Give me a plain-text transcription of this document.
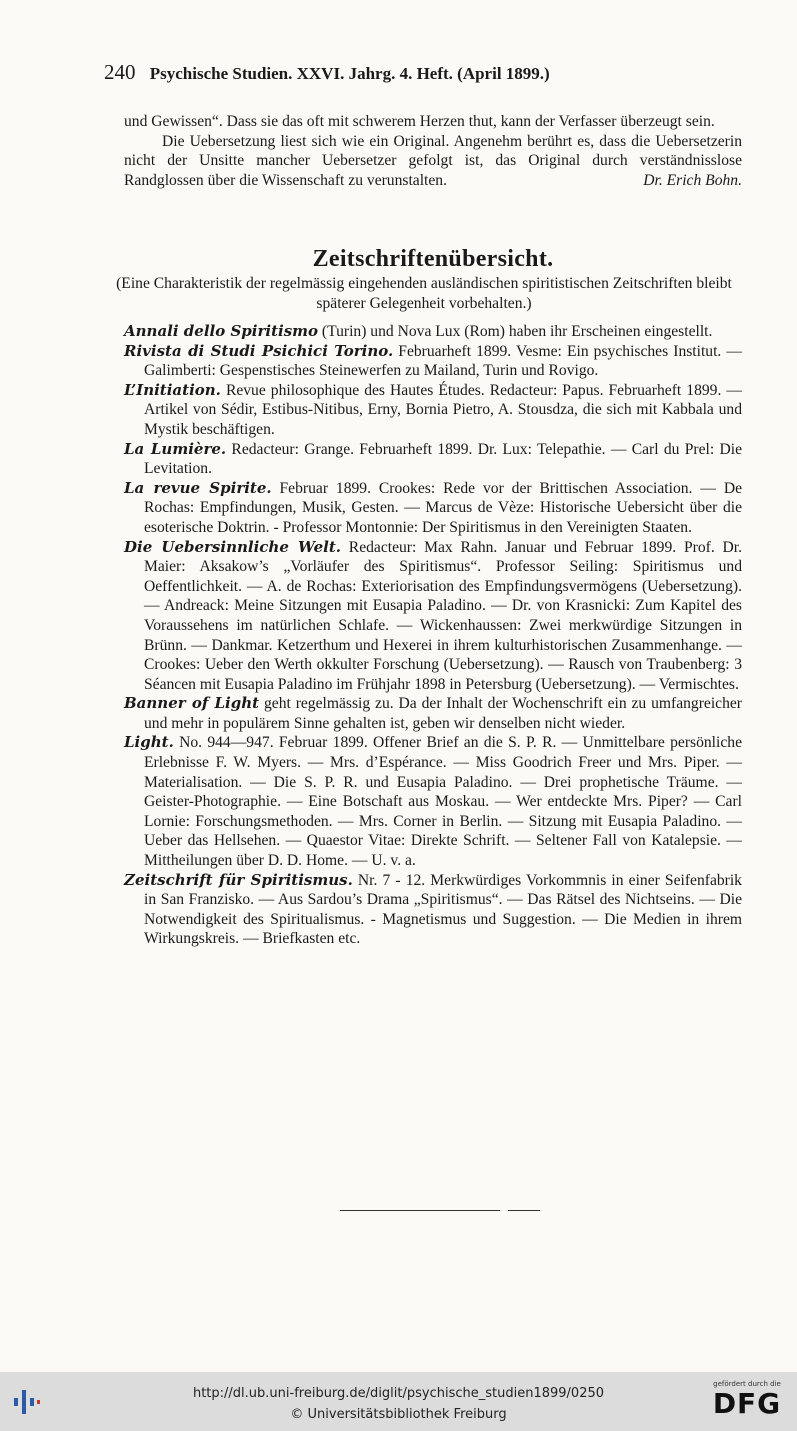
240 Psychische Studien. XXVI. Jahrg. 4. Heft. (April 1899.)

und Gewissen“. Dass sie das oft mit schwerem Herzen thut, kann der Verfasser überzeugt sein.

Die Uebersetzung liest sich wie ein Original. Angenehm berührt es, dass die Uebersetzerin nicht der Unsitte mancher Uebersetzer gefolgt ist, das Original durch verständnisslose Randglossen über die Wissenschaft zu verunstalten.	Dr. Erich Bohn.

Zeitschriftenübersicht.
(Eine Charakteristik der regelmässig eingehenden ausländischen spiritistischen Zeitschriften bleibt späterer Gelegenheit vorbehalten.)

Annali dello Spiritismo (Turin) und Nova Lux (Rom) haben ihr Erscheinen eingestellt.

Rivista di Studi Psichici Torino. Februarheft 1899. Vesme: Ein psychisches Institut. — Galimberti: Gespenstisches Steinewerfen zu Mailand, Turin und Rovigo.

L’Initiation. Revue philosophique des Hautes Études. Redacteur: Papus. Februarheft 1899. — Artikel von Sédir, Estibus-Nitibus, Erny, Bornia Pietro, A. Stousdza, die sich mit Kabbala und Mystik beschäftigen.

La Lumière. Redacteur: Grange. Februarheft 1899. Dr. Lux: Telepathie. — Carl du Prel: Die Levitation.

La revue Spirite. Februar 1899. Crookes: Rede vor der Brittischen Association. — De Rochas: Empfindungen, Musik, Gesten. — Marcus de Vèze: Historische Uebersicht über die esoterische Doktrin. - Professor Montonnie: Der Spiritismus in den Vereinigten Staaten.

Die Uebersinnliche Welt. Redacteur: Max Rahn. Januar und Februar 1899. Prof. Dr. Maier: Aksakow’s „Vorläufer des Spiritismus“. Professor Seiling: Spiritismus und Oeffentlichkeit. — A. de Rochas: Exteriorisation des Empfindungsvermögens (Uebersetzung). — Andreack: Meine Sitzungen mit Eusapia Paladino. — Dr. von Krasnicki: Zum Kapitel des Voraussehens im natürlichen Schlafe. — Wickenhaussen: Zwei merkwürdige Sitzungen in Brünn. — Dankmar. Ketzerthum und Hexerei in ihrem kulturhistorischen Zusammenhange. — Crookes: Ueber den Werth okkulter Forschung (Uebersetzung). — Rausch von Traubenberg: 3 Séancen mit Eusapia Paladino im Frühjahr 1898 in Petersburg (Uebersetzung). — Vermischtes.

Banner of Light geht regelmässig zu. Da der Inhalt der Wochenschrift ein zu umfangreicher und mehr in populärem Sinne gehalten ist, geben wir denselben nicht wieder.

Light. No. 944—947. Februar 1899. Offener Brief an die S. P. R. — Unmittelbare persönliche Erlebnisse F. W. Myers. — Mrs. d’Espérance. — Miss Goodrich Freer und Mrs. Piper. — Materialisation. — Die S. P. R. und Eusapia Paladino. — Drei prophetische Träume. — Geister-Photographie. — Eine Botschaft aus Moskau. — Wer entdeckte Mrs. Piper? — Carl Lornie: Forschungsmethoden. — Mrs. Corner in Berlin. — Sitzung mit Eusapia Paladino. — Ueber das Hellsehen. — Quaestor Vitae: Direkte Schrift. — Seltener Fall von Katalepsie. — Mittheilungen über D. D. Home. — U. v. a.

Zeitschrift für Spiritismus. Nr. 7 - 12. Merkwürdiges Vorkommnis in einer Seifenfabrik in San Franzisko. — Aus Sardou’s Drama „Spiritismus“. — Das Rätsel des Nichtseins. — Die Notwendigkeit des Spiritualismus. - Magnetismus und Suggestion. — Die Medien in ihrem Wirkungskreis. — Briefkasten etc.

http://dl.ub.uni-freiburg.de/diglit/psychische_studien1899/0250
© Universitätsbibliothek Freiburg
gefördert durch die
DFG
